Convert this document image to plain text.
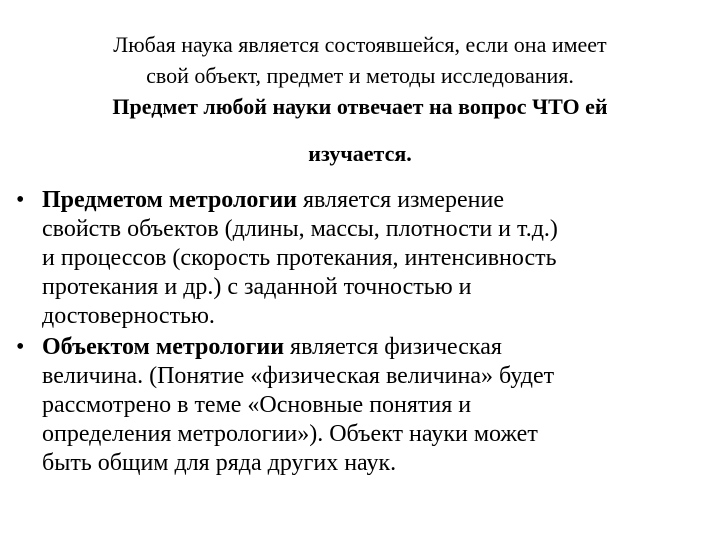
Любая наука является состоявшейся, если она имеет
свой объект, предмет и методы исследования.
Предмет любой науки отвечает на вопрос ЧТО ей
изучается.
• Предметом метрологии является измерение
свойств объектов (длины, массы, плотности и т.д.)
и процессов (скорость протекания, интенсивность
протекания и др.) с заданной точностью и
достоверностью.
• Объектом метрологии является физическая
величина. (Понятие «физическая величина» будет
рассмотрено в теме «Основные понятия и
определения метрологии»). Объект науки может
быть общим для ряда других наук.
